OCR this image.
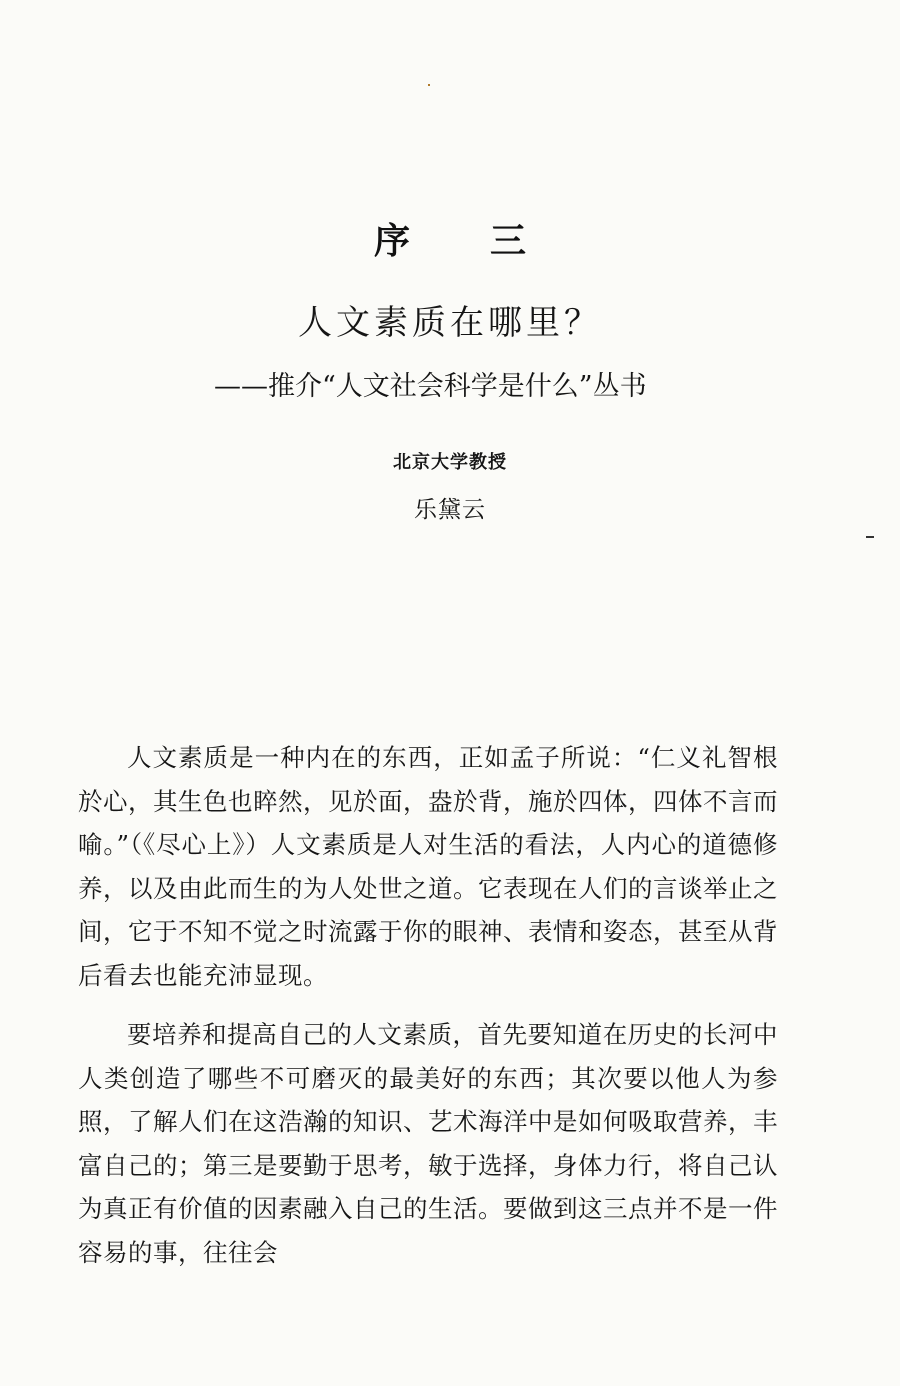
序 三
人文素质在哪里？
——推介“人文社会科学是什么”丛书
北京大学教授
乐黛云

人文素质是一种内在的东西，正如孟子所说：“仁义礼智根於心，其生色也睟然，见於面，盎於背，施於四体，四体不言而喻。”（《尽心上》）人文素质是人对生活的看法，人内心的道德修养，以及由此而生的为人处世之道。它表现在人们的言谈举止之间，它于不知不觉之时流露于你的眼神、表情和姿态，甚至从背后看去也能充沛显现。

要培养和提高自己的人文素质，首先要知道在历史的长河中人类创造了哪些不可磨灭的最美好的东西；其次要以他人为参照，了解人们在这浩瀚的知识、艺术海洋中是如何吸取营养，丰富自己的；第三是要勤于思考，敏于选择，身体力行，将自己认为真正有价值的因素融入自己的生活。要做到这三点并不是一件容易的事，往往会
